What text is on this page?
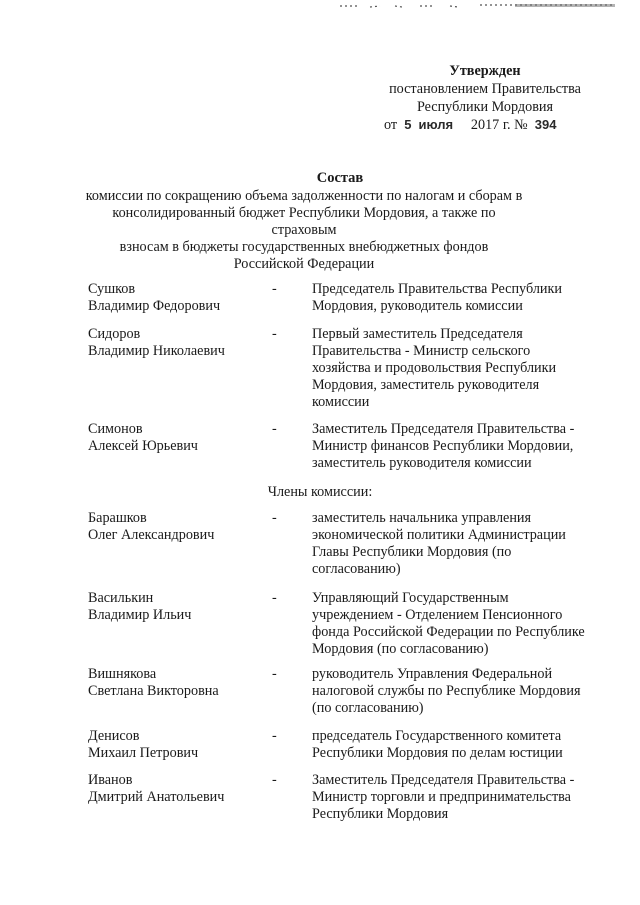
Утвержден
постановлением Правительства
Республики Мордовия
от 5 июля 2017 г. № 394
Состав
комиссии по сокращению объема задолженности по налогам и сборам в
консолидированный бюджет Республики Мордовия, а также по страховым
взносам в бюджеты государственных внебюджетных фондов
Российской Федерации
Сушков
Владимир Федорович
- Председатель Правительства Республики
Мордовия, руководитель комиссии
Сидоров
Владимир Николаевич
- Первый заместитель Председателя
Правительства - Министр сельского
хозяйства и продовольствия Республики
Мордовия, заместитель руководителя
комиссии
Симонов
Алексей Юрьевич
- Заместитель Председателя Правительства -
Министр финансов Республики Мордовии,
заместитель руководителя комиссии
Члены комиссии:
Барашков
Олег Александрович
- заместитель начальника управления
экономической политики Администрации
Главы Республики Мордовия (по
согласованию)
Василькин
Владимир Ильич
- Управляющий Государственным
учреждением - Отделением Пенсионного
фонда Российской Федерации по Республике
Мордовия (по согласованию)
Вишнякова
Светлана Викторовна
- руководитель Управления Федеральной
налоговой службы по Республике Мордовия
(по согласованию)
Денисов
Михаил Петрович
- председатель Государственного комитета
Республики Мордовия по делам юстиции
Иванов
Дмитрий Анатольевич
- Заместитель Председателя Правительства -
Министр торговли и предпринимательства
Республики Мордовия
